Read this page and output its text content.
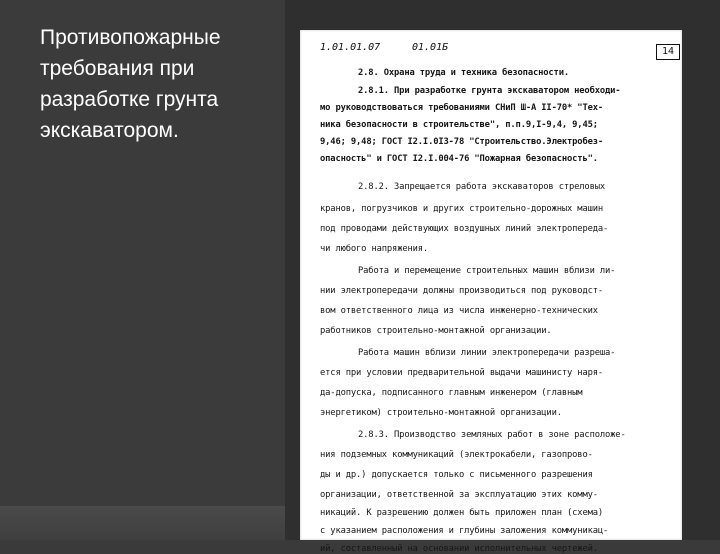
Противопожарные требования при разработке грунта экскаватором.
1.01.01.07	01.01Б	14
2.8. Охрана труда и техника безопасности.
2.8.1. При разработке грунта экскаватором необходи-
мо руководствоваться требованиями СНиП Ш-А II-70* "Тех-
ника безопасности в строительстве", п.п.9,I-9,4, 9,45;
9,46; 9,48; ГОСТ I2.I.0I3-78 "Строительство.Электробез-
опасность" и ГОСТ I2.I.004-76 "Пожарная безопасность".
2.8.2. Запрещается работа экскаваторов стреловых
кранов, погрузчиков и других строительно-дорожных машин
под проводами действующих воздушных линий электропереда-
чи любого напряжения.
Работа и перемещение строительных машин вблизи ли-
нии электропередачи должны производиться под руководст-
вом ответственного лица из числа инженерно-технических
работников строительно-монтажной организации.
Работа машин вблизи линии электропередачи разреша-
ется при условии предварительной выдачи машинисту наря-
да-допуска, подписанного главным инженером (главным
энергетиком) строительно-монтажной организации.
2.8.3. Производство земляных работ в зоне расположе-
ния подземных коммуникаций (электрокабели, газопрово-
ды и др.) допускается только с письменного разрешения
организации, ответственной за эксплуатацию этих комму-
никаций. К разрешению должен быть приложен план (схема)
с указанием расположения и глубины заложения коммуникац-
ий, составленный на основании исполнительных чертежей.
